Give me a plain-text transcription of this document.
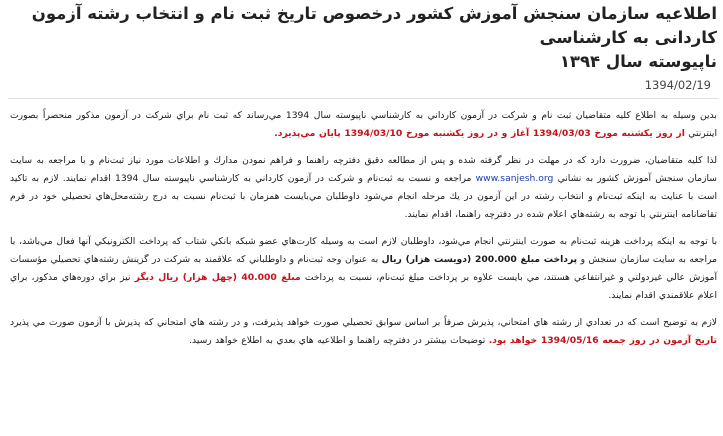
اطلاعیه سازمان سنجش آموزش کشور درخصوص تاریخ ثبت نام و انتخاب رشته آزمون کاردانی به کارشناسی
ناپیوسته سال ۱۳۹۴
1394/02/19

بدين وسيله به اطلاع كليه متقاضيان ثبت نام و شركت در آزمون كارداني به كارشناسي ناپيوسته سال 1394 مي‌رساند كه ثبت نام براي شركت در آزمون مذكور منحصراً بصورت اينترنتي از روز يكشنبه مورخ 1394/03/03 آغاز و در روز يكشنبه مورخ 1394/03/10 پايان مي‌پذيرد.

لذا كليه متقاضيان، ضرورت دارد كه در مهلت در نظر گرفته شده و پس از مطالعه دقيق دفترچه راهنما و فراهم نمودن مدارك و اطلاعات مورد نياز ثبت‌نام و با مراجعه به سايت سازمان سنجش آموزش كشور به نشاني www.sanjesh.org مراجعه و نسبت به ثبت‌نام و شركت در آزمون كارداني به كارشناسي ناپيوسته سال 1394 اقدام نمايند. لازم به تاكيد است با عنايت به اينكه ثبت‌نام و انتخاب رشته در اين آزمون در يك مرحله انجام مي‌شود داوطلبان مي‌بايست همزمان با ثبت‌نام نسبت به درج رشته‌محل‌هاي تحصيلي خود در فرم تقاضانامه اينترنتي با توجه به رشته‌هاي اعلام شده در دفترچه راهنما، اقدام نمايند.

با توجه به اينكه پرداخت هزينه ثبت‌نام به صورت اينترنتي انجام مي‌شود، داوطلبان لازم است به وسيله كارت‌هاي عضو شبكه بانكي شتاب كه پرداخت الكترونيكي آنها فعال مي‌باشد، با مراجعه به سايت سازمان سنجش و پرداخت مبلغ 200.000 (دويست هزار) ريال به عنوان وجه ثبت‌نام و داوطلباني كه علاقمند به شركت در گزينش رشته‌هاي تحصيلي مؤسسات آموزش عالي غيردولتي و غيرانتفاعي هستند، مي بايست علاوه بر پرداخت مبلغ ثبت‌نام، نسبت به پرداخت مبلغ 40.000 (چهل هزار) ريال ديگر نيز براي دوره‌هاي مذكور، براي اعلام علاقمندي اقدام نمايند.

لازم به توضيح است كه در تعدادي از رشته هاي امتحاني، پذيرش صرفاً بر اساس سوابق تحصيلي صورت خواهد پذيرفت، و در رشته هاي امتحاني كه پذيرش با آزمون صورت مي پذيرد تاريخ آزمون در روز جمعه 1394/05/16 خواهد بود. توضيحات بيشتر در دفترچه راهنما و اطلاعيه هاي بعدي به اطلاع خواهد رسيد.
